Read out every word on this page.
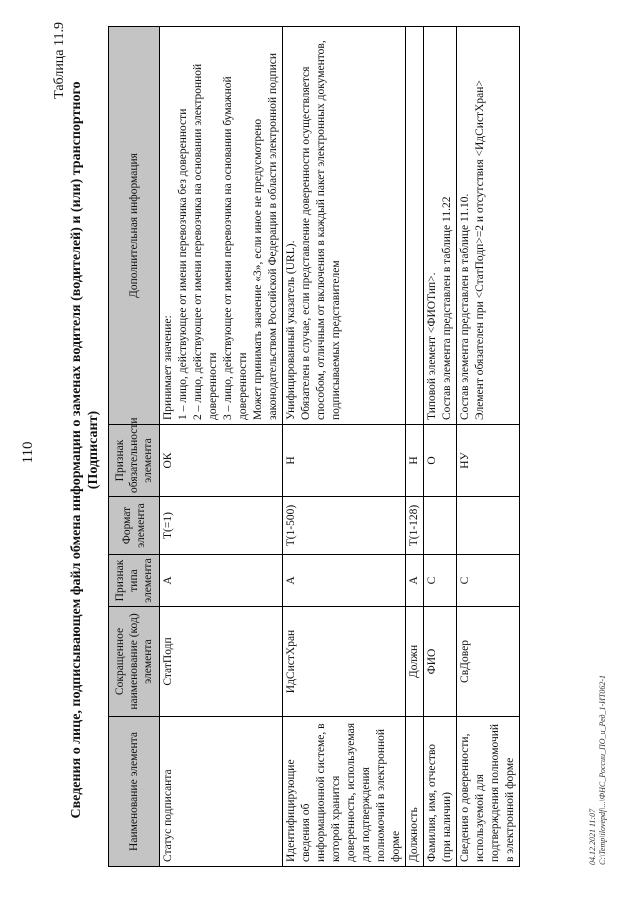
110
Таблица 11.9
Сведения о лице, подписывающем файл обмена информации о заменах водителя (водителей) и (или) транспортного (Подписант)
Наименование элемента	Сокращенное наименование (код) элемента	Признак типа элемента	Формат элемента	Признак обязательности элемента	Дополнительная информация
Статус подписанта	СтатПодп	А	Т(=1)	ОК	Принимает значение: 1 – лицо, действующее от имени перевозчика без доверенности 2 – лицо, действующее от имени перевозчика на основании электронной доверенности 3 – лицо, действующее от имени перевозчика на основании бумажной доверенности Может принимать значение «3», если иное не предусмотрено законодательством Российской Федерации в области электронной подписи

Идентифицирующие сведения об информационной системе, в которой хранится доверенность, используемая для подтверждения полномочий в электронной форме	ИдСистХран	А	Т(1-500)	Н	Унифицированный указатель (URL). Обязателен в случае, если представление доверенности осуществляется способом, отличным от включения в каждый пакет электронных документов, подписываемых представителем

Должность	Должн	А	Т(1-128)	Н	
Фамилия, имя, отчество (при наличии)	ФИО	С		О	Типовой элемент <ФИОТип>. Состав элемента представлен в таблице 11.22

Сведения о доверенности, используемой для подтверждения полномочий в электронной форме	СвДовер	С		НУ	Состав элемента представлен в таблице 11.10. Элемент обязателен при <СтатПодп>=2 и отсутствия <ИдСистХран>
04.12.2021 11:07 С:\Temp\ilovepdf\...\ФНС_России_ПО_и_Ред_1-ИТ062-1
